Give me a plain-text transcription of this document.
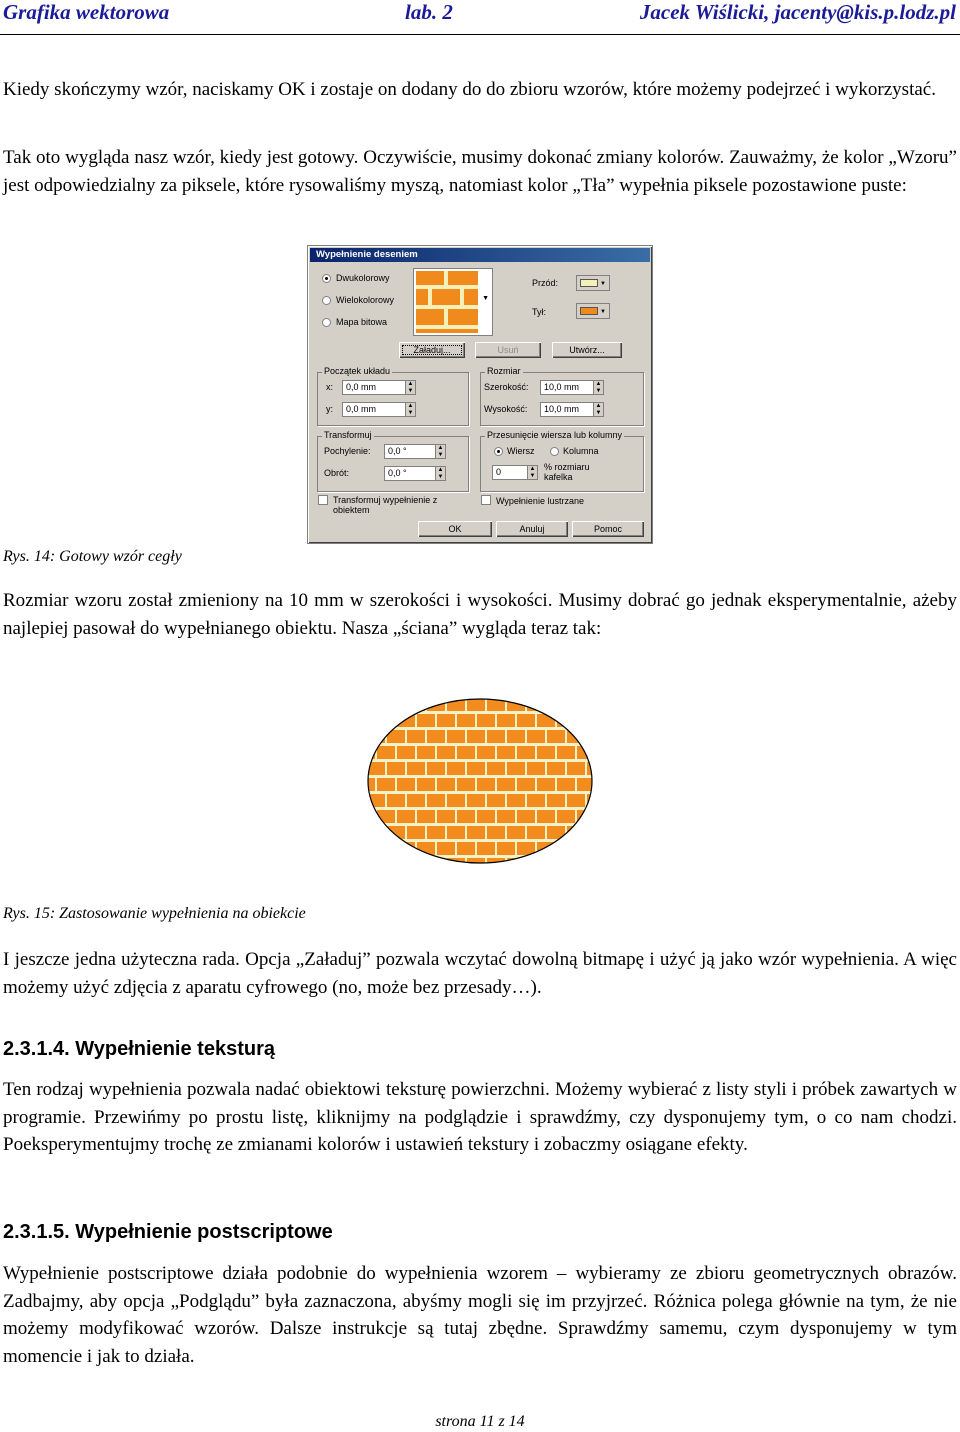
Grafika wektorowa	lab. 2	Jacek Wiślicki, jacenty@kis.p.lodz.pl
Kiedy skończymy wzór, naciskamy OK i zostaje on dodany do do zbioru wzorów, które możemy podejrzeć i wykorzystać.
Tak oto wygląda nasz wzór, kiedy jest gotowy. Oczywiście, musimy dokonać zmiany kolorów. Zauważmy, że kolor „Wzoru” jest odpowiedzialny za piksele, które rysowaliśmy myszą, natomiast kolor „Tła” wypełnia piksele pozostawione puste:
Wypełnienie deseniem
Dwukolorowy
Wielokolorowy
Mapa bitowa
▼
Przód:	▼
Tył:	▼
Załaduj...	Usuń	Utwórz...
Początek układu
x:	0,0 mm	▲
▼
y:	0,0 mm	▲
▼
Rozmiar
Szerokość:	10,0 mm	▲
▼
Wysokość:	10,0 mm	▲
▼
Transformuj
Pochylenie:	0,0 °	▲
▼
Obrót:	0,0 °	▲
▼
Przesunięcie wiersza lub kolumny
Wiersz	Kolumna
0	▲
▼
% rozmiaru kafelka
Transformuj wypełnienie z obiektem
Wypełnienie lustrzane
OK	Anuluj	Pomoc
Rys. 14: Gotowy wzór cegły
Rozmiar wzoru został zmieniony na 10 mm w szerokości i wysokości. Musimy dobrać go jednak eksperymentalnie, ażeby najlepiej pasował do wypełnianego obiektu. Nasza „ściana” wygląda teraz tak:
Rys. 15: Zastosowanie wypełnienia na obiekcie
I jeszcze jedna użyteczna rada. Opcja „Załaduj” pozwala wczytać dowolną bitmapę i użyć ją jako wzór wypełnienia. A więc możemy użyć zdjęcia z aparatu cyfrowego (no, może bez przesady…).
2.3.1.4. Wypełnienie teksturą
Ten rodzaj wypełnienia pozwala nadać obiektowi teksturę powierzchni. Możemy wybierać z listy styli i próbek zawartych w programie. Przewińmy po prostu listę, kliknijmy na podglądzie i sprawdźmy, czy dysponujemy tym, o co nam chodzi. Poeksperymentujmy trochę ze zmianami kolorów i ustawień tekstury i zobaczmy osiągane efekty.
2.3.1.5. Wypełnienie postscriptowe
Wypełnienie postscriptowe działa podobnie do wypełnienia wzorem – wybieramy ze zbioru geometrycznych obrazów. Zadbajmy, aby opcja „Podglądu” była zaznaczona, abyśmy mogli się im przyjrzeć. Różnica polega głównie na tym, że nie możemy modyfikować wzorów. Dalsze instrukcje są tutaj zbędne. Sprawdźmy samemu, czym dysponujemy w tym momencie i jak to działa.
strona 11 z 14
